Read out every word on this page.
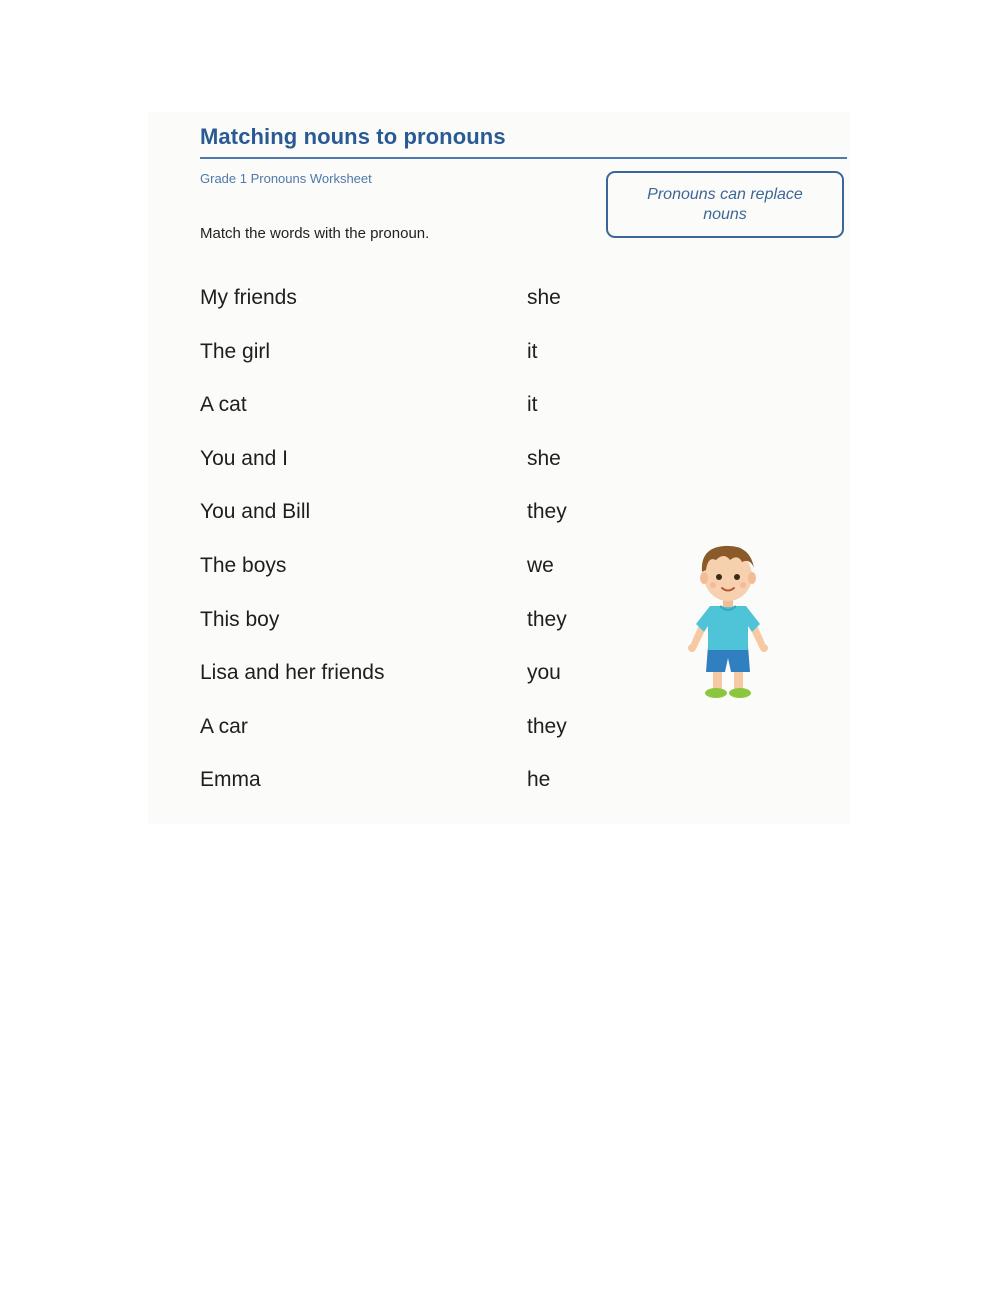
Matching nouns to pronouns
Grade 1 Pronouns Worksheet
Pronouns can replace nouns
Match the words with the pronoun.
My friends	she
The girl	it
A cat	it
You and I	she
You and Bill	they
The boys	we
This boy	they
Lisa and her friends	you
A car	they
Emma	he
